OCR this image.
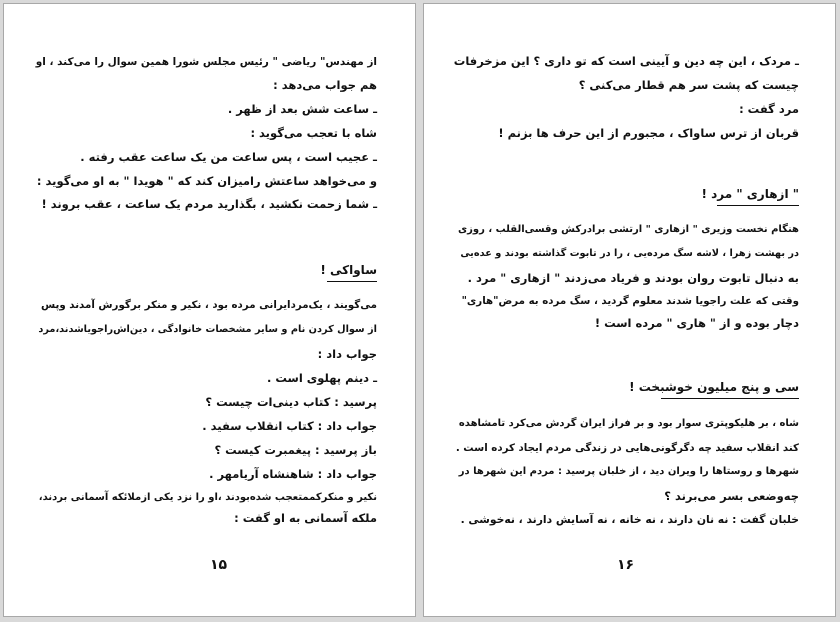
از مهندس" ریاضی " رئیس مجلس شورا همین سوال را می‌کند ، او
هم جواب می‌دهد :
ـ ساعت شش بعد از ظهر .
شاه با تعجب می‌گوید :
ـ عجیب است ، پس ساعت من یک ساعت عقب رفته .
و می‌خواهد ساعتش رامیزان کند که " هویدا " به او می‌گوید :
ـ شما زحمت نکشید ، بگذارید مردم یک ساعت ، عقب بروند !
ساواکی !
می‌گویند ، یک‌مردایرانی مرده بود ، نکیر و منکر برگورش آمدند وپس
از سوال کردن نام و سایر مشخصات خانوادگی ، دین‌اش‌راجویاشدند،مرد
جواب داد :
ـ دینم پهلوی است .
پرسید : کتاب دینی‌ات چیست ؟
جواب داد : کتاب انقلاب سفید .
باز پرسید : پیغمبرت کیست ؟
جواب داد : شاهنشاه آریامهر .
نکیر و منکرکممتعجب شده‌بودند ،او را نزد یکی ازملائکه آسمانی بردند،
ملکه آسمانی به او گفت :
۱۵
ـ مردک ، این چه دین و آیینی است که تو داری ؟ این مزخرفات
چیست که پشت سر هم قطار می‌کنی ؟
مرد گفت :
قربان از ترس ساواک ، مجبورم از این حرف ها بزنم !
" ازهاری " مرد !
هنگام نخست وزیری " ازهاری " ارتشی برادرکش وقسی‌القلب ، روزی
در بهشت زهرا ، لاشه سگ مرده‌یی ، را در تابوت گذاشته بودند و عده‌یی
به دنبال تابوت روان بودند و فریاد می‌زدند " ازهاری " مرد .
وقتی که علت راجویا شدند معلوم گردید ، سگ مرده به مرض"هاری"
دچار بوده و از " هاری " مرده است !
سی و پنج میلیون خوشبخت !
شاه ، بر هلیکوپتری سوار بود و بر فراز ایران گردش می‌کرد تامشاهده
کند انقلاب سفید چه دگرگونی‌هایی در زندگی مردم ایجاد کرده است .
شهرها و روستاها را ویران دید ، از خلبان پرسید : مردم این شهرها در
چه‌وضعی بسر می‌برند ؟
خلبان گفت : نه نان دارند ، نه خانه ، نه آسایش دارند ، نه‌خوشی .
۱۶
